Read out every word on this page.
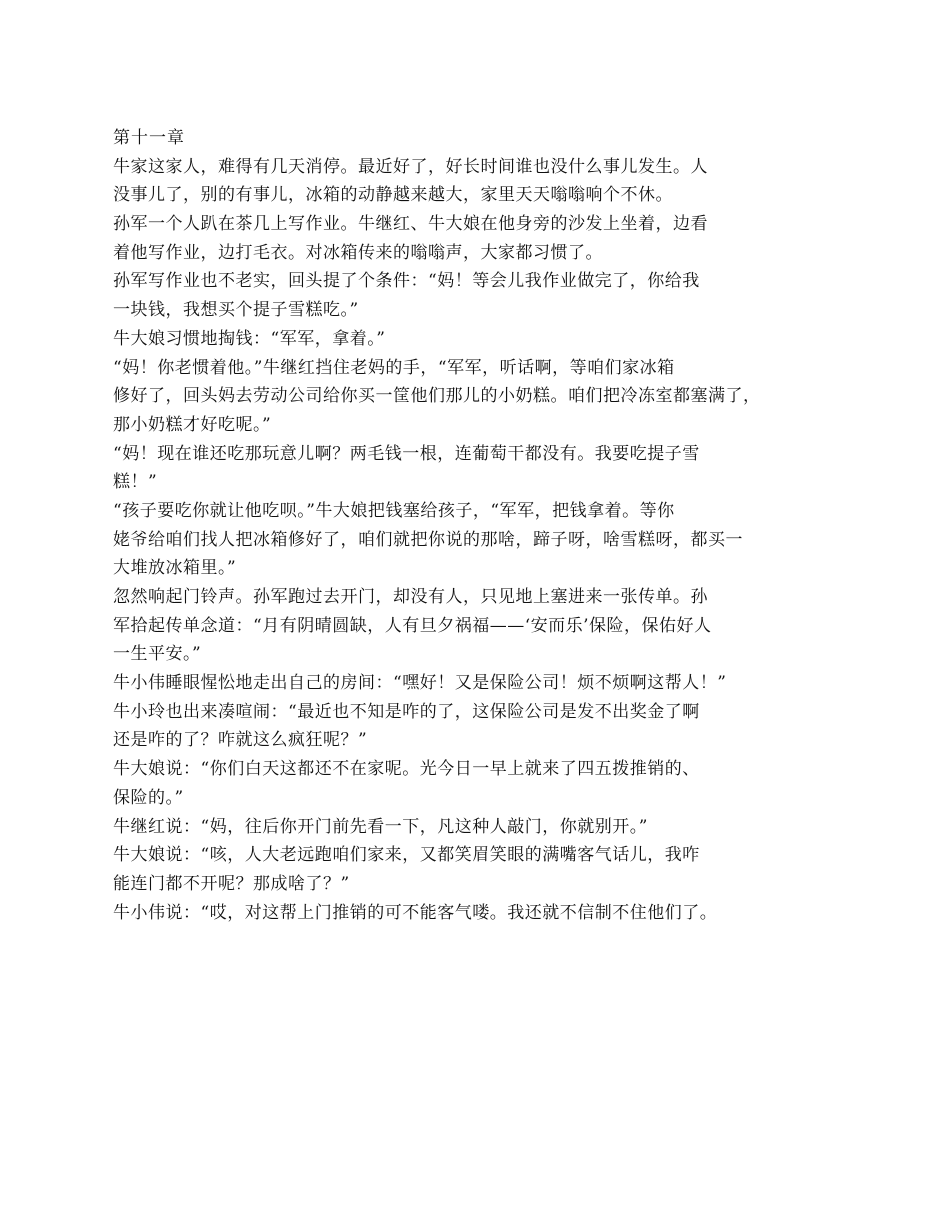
第十一章
牛家这家人，难得有几天消停。最近好了，好长时间谁也没什么事儿发生。人
没事儿了，别的有事儿，冰箱的动静越来越大，家里天天嗡嗡响个不休。
孙军一个人趴在茶几上写作业。牛继红、牛大娘在他身旁的沙发上坐着，边看
着他写作业，边打毛衣。对冰箱传来的嗡嗡声，大家都习惯了。
孙军写作业也不老实，回头提了个条件：“妈！等会儿我作业做完了，你给我
一块钱，我想买个提子雪糕吃。”
牛大娘习惯地掏钱：“军军，拿着。”
“妈！你老惯着他。”牛继红挡住老妈的手，“军军，听话啊，等咱们家冰箱
修好了，回头妈去劳动公司给你买一筐他们那儿的小奶糕。咱们把冷冻室都塞满了，
那小奶糕才好吃呢。”
“妈！现在谁还吃那玩意儿啊？两毛钱一根，连葡萄干都没有。我要吃提子雪
糕！”
“孩子要吃你就让他吃呗。”牛大娘把钱塞给孩子，“军军，把钱拿着。等你
姥爷给咱们找人把冰箱修好了，咱们就把你说的那啥，蹄子呀，啥雪糕呀，都买一
大堆放冰箱里。”
忽然响起门铃声。孙军跑过去开门，却没有人，只见地上塞进来一张传单。孙
军拾起传单念道：“月有阴晴圆缺，人有旦夕祸福——‘安而乐’保险，保佑好人
一生平安。”
牛小伟睡眼惺忪地走出自己的房间：“嘿好！又是保险公司！烦不烦啊这帮人！”
牛小玲也出来凑喧闹：“最近也不知是咋的了，这保险公司是发不出奖金了啊
还是咋的了？咋就这么疯狂呢？”
牛大娘说：“你们白天这都还不在家呢。光今日一早上就来了四五拨推销的、
保险的。”
牛继红说：“妈，往后你开门前先看一下，凡这种人敲门，你就别开。”
牛大娘说：“咳，人大老远跑咱们家来，又都笑眉笑眼的满嘴客气话儿，我咋
能连门都不开呢？那成啥了？”
牛小伟说：“哎，对这帮上门推销的可不能客气喽。我还就不信制不住他们了。
